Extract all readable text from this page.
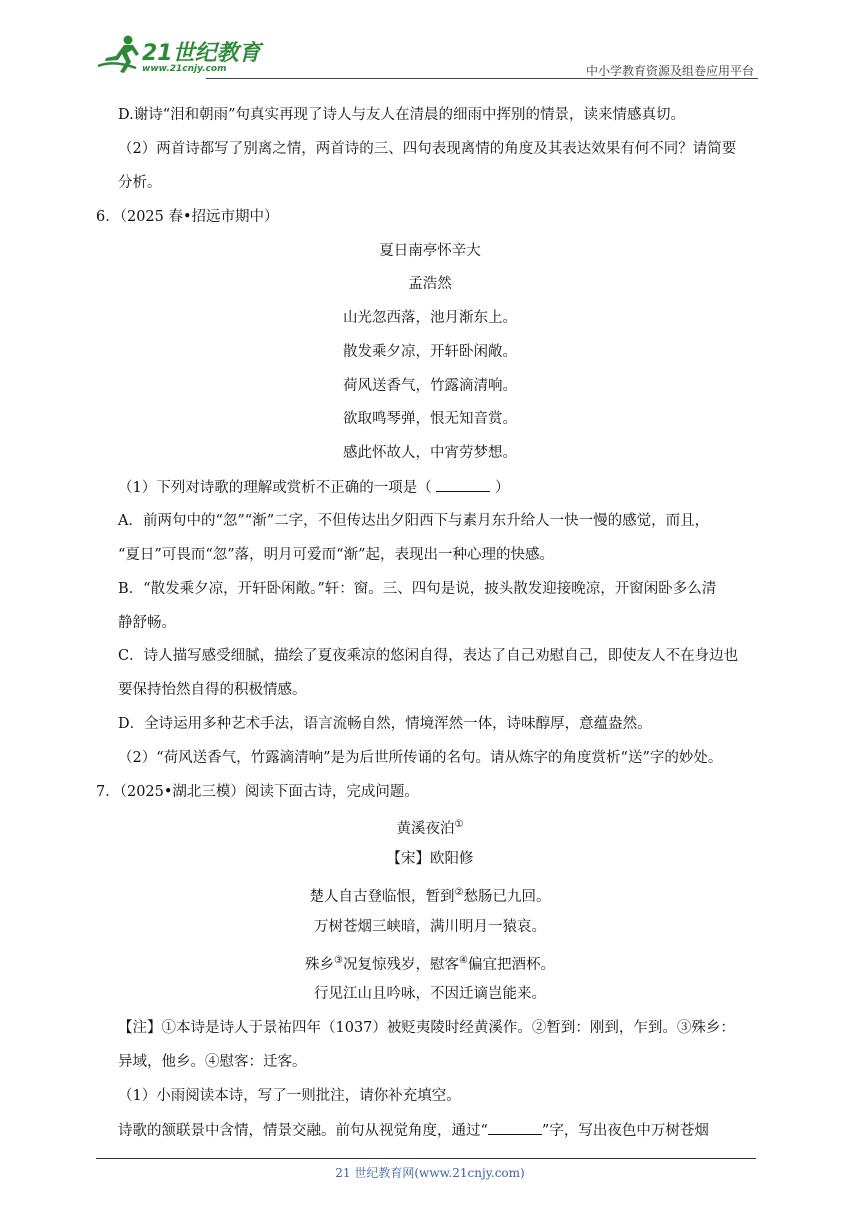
21世纪教育
www.21cnjy.com	中小学教育资源及组卷应用平台
D.谢诗“泪和朝雨”句真实再现了诗人与友人在清晨的细雨中挥别的情景，读来情感真切。
（2）两首诗都写了别离之情，两首诗的三、四句表现离情的角度及其表达效果有何不同？请简要
分析。
6．（2025 春•招远市期中）
夏日南亭怀辛大
孟浩然
山光忽西落，池月渐东上。
散发乘夕凉，开轩卧闲敞。
荷风送香气，竹露滴清响。
欲取鸣琴弹，恨无知音赏。
感此怀故人，中宵劳梦想。
（1）下列对诗歌的理解或赏析不正确的一项是（	）
A．前两句中的“忽”“渐”二字，不但传达出夕阳西下与素月东升给人一快一慢的感觉，而且，
“夏日”可畏而“忽”落，明月可爱而“渐”起，表现出一种心理的快感。
B．“散发乘夕凉，开轩卧闲敞。”轩：窗。三、四句是说，披头散发迎接晚凉，开窗闲卧多么清
静舒畅。
C．诗人描写感受细腻，描绘了夏夜乘凉的悠闲自得，表达了自己劝慰自己，即使友人不在身边也
要保持怡然自得的积极情感。
D．全诗运用多种艺术手法，语言流畅自然，情境浑然一体，诗味醇厚，意蕴盎然。
（2）“荷风送香气，竹露滴清响”是为后世所传诵的名句。请从炼字的角度赏析“送”字的妙处。
7．（2025•湖北三模）阅读下面古诗，完成问题。
黄溪夜泊①
【宋】欧阳修
楚人自古登临恨，暂到②愁肠已九回。
万树苍烟三峡暗，满川明月一猿哀。
殊乡③况复惊残岁，慰客④偏宜把酒杯。
行见江山且吟咏，不因迁谪岂能来。
【注】①本诗是诗人于景祐四年（1037）被贬夷陵时经黄溪作。②暂到：刚到，乍到。③殊乡：
异域，他乡。④慰客：迁客。
（1）小雨阅读本诗，写了一则批注，请你补充填空。
诗歌的颔联景中含情，情景交融。前句从视觉角度，通过“	”字，写出夜色中万树苍烟
21 世纪教育网(www.21cnjy.com)
